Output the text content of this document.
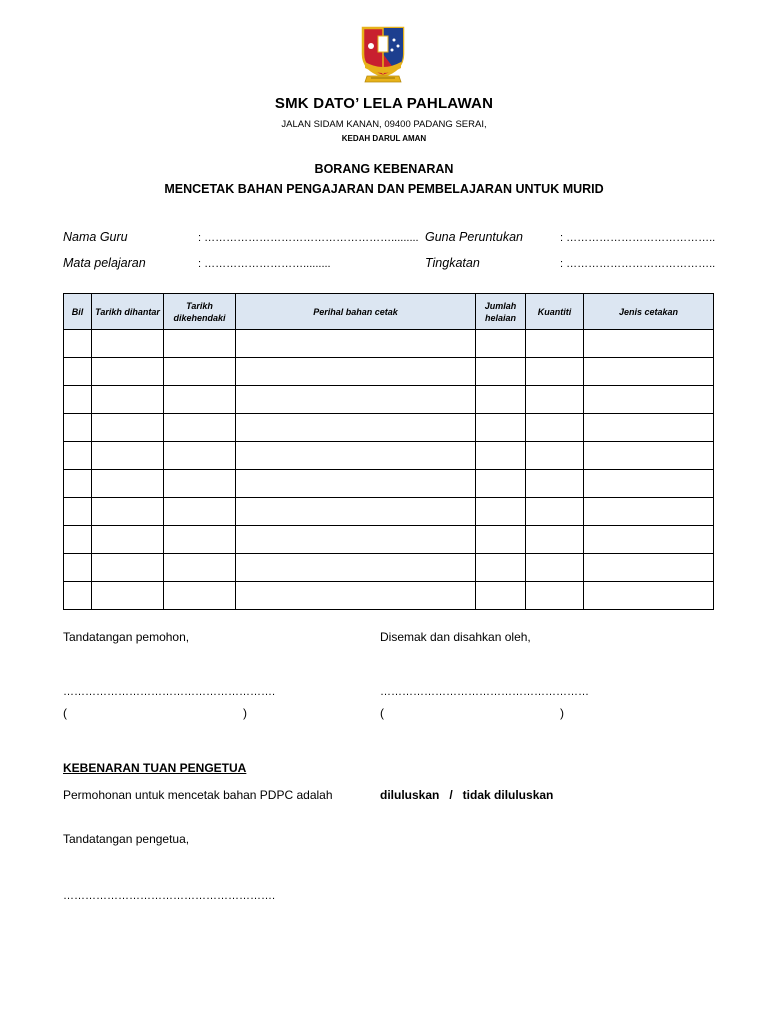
SMK DATO’ LELA PAHLAWAN
JALAN SIDAM KANAN, 09400 PADANG SERAI,
KEDAH DARUL AMAN
BORANG KEBENARAN
MENCETAK BAHAN PENGAJARAN DAN PEMBELAJARAN UNTUK MURID
Nama Guru	: ……………………………………………......... Guna Peruntukan	: …………………………………..
Mata pelajaran	: ……………………….........	Tingkatan	: …………………………………..
Bil	Tarikh dihantar	Tarikh dikehendaki	Perihal bahan cetak	Jumlah helaian	Kuantiti	Jenis cetakan

Tandatangan pemohon,	Disemak dan disahkan oleh,
………………………………………………….	…………………………………………………
(	)	(	)
KEBENARAN TUAN PENGETUA
Permohonan untuk mencetak bahan PDPC adalah	diluluskan   /   tidak diluluskan
Tandatangan pengetua,
………………………………………………….
